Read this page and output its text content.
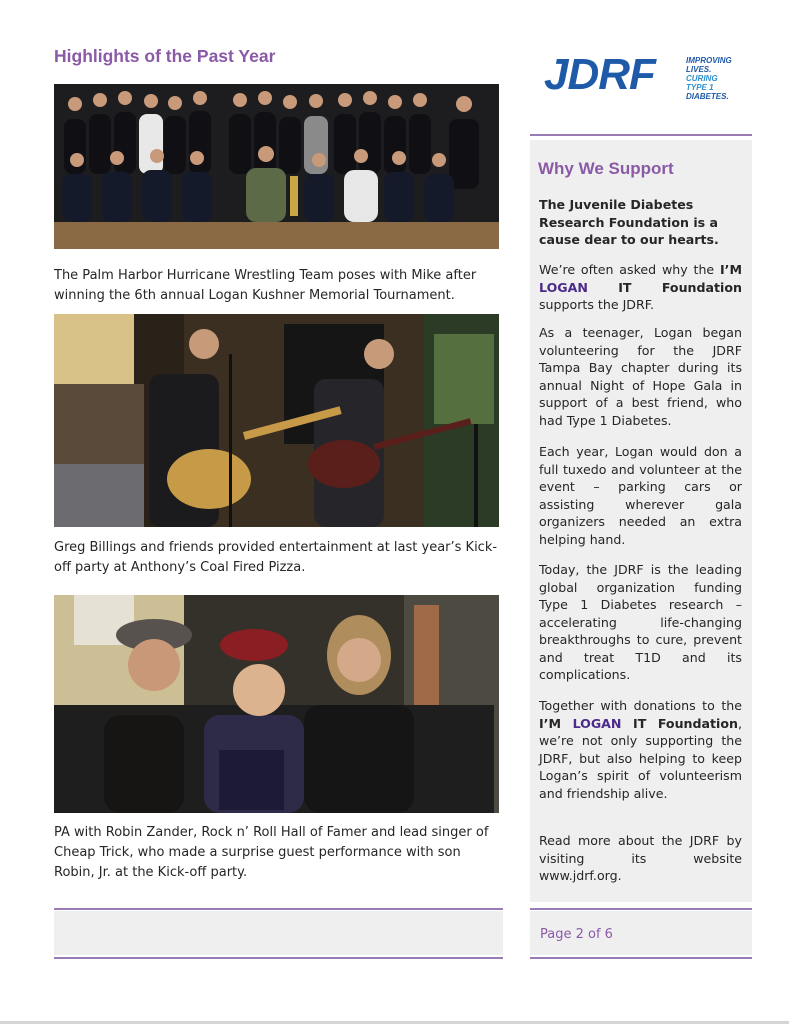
Highlights of the Past Year
The Palm Harbor Hurricane Wrestling Team poses with Mike after winning the 6th annual Logan Kushner Memorial Tournament.
Greg Billings and friends provided entertainment at last year’s Kick-off party at Anthony’s Coal Fired Pizza.
PA with Robin Zander, Rock n’ Roll Hall of Famer and lead singer of Cheap Trick, who made a surprise guest performance with son Robin, Jr. at the Kick-off party.
JDRF	IMPROVING
LIVES.
CURING
TYPE 1
DIABETES.
Why We Support
The Juvenile Diabetes Research Foundation is a cause dear to our hearts.
We’re often asked why the I’M LOGAN IT Foundation supports the JDRF.
As a teenager, Logan began volunteering for the JDRF Tampa Bay chapter during its annual Night of Hope Gala in support of a best friend, who had Type 1 Diabetes.
Each year, Logan would don a full tuxedo and volunteer at the event – parking cars or assisting wherever gala organizers needed an extra helping hand.
Today, the JDRF is the leading global organization funding Type 1 Diabetes research – accelerating life-changing breakthroughs to cure, prevent and treat T1D and its complications.
Together with donations to the I’M LOGAN IT Foundation, we’re not only supporting the JDRF, but also helping to keep Logan’s spirit of volunteerism and friendship alive.
Read more about the JDRF by visiting its website www.jdrf.org.
Page 2 of 6
